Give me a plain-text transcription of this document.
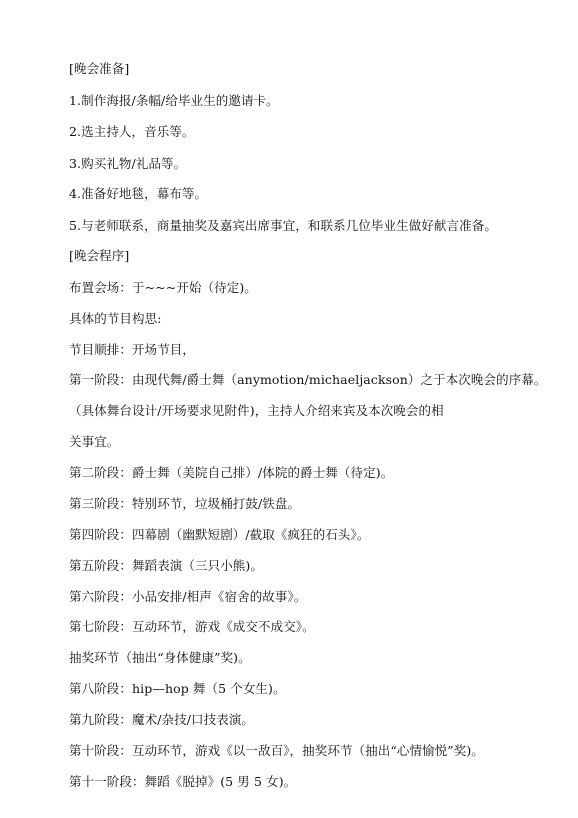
[晚会准备]
1.制作海报/条幅/给毕业生的邀请卡。
2.选主持人，音乐等。
3.购买礼物/礼品等。
4.准备好地毯，幕布等。
5.与老师联系，商量抽奖及嘉宾出席事宜，和联系几位毕业生做好献言准备。
[晚会程序]
布置会场：于~~~开始（待定)。
具体的节目构思:
节目顺排：开场节目，
第一阶段：由现代舞/爵士舞（anymotion/michaeljackson）之于本次晚会的序幕。
（具体舞台设计/开场要求见附件)，主持人介绍来宾及本次晚会的相
关事宜。
第二阶段：爵士舞（美院自己排）/体院的爵士舞（待定)。
第三阶段：特别环节，垃圾桶打鼓/铁盘。
第四阶段：四幕剧（幽默短剧）/截取《疯狂的石头》。
第五阶段：舞蹈表演（三只小熊)。
第六阶段：小品安排/相声《宿舍的故事》。
第七阶段：互动环节，游戏《成交不成交》。
抽奖环节（抽出“身体健康”奖)。
第八阶段：hip—hop 舞（5 个女生)。
第九阶段：魔术/杂技/口技表演。
第十阶段：互动环节，游戏《以一敌百》，抽奖环节（抽出“心情愉悦”奖)。
第十一阶段：舞蹈《脱掉》(5 男 5 女)。
